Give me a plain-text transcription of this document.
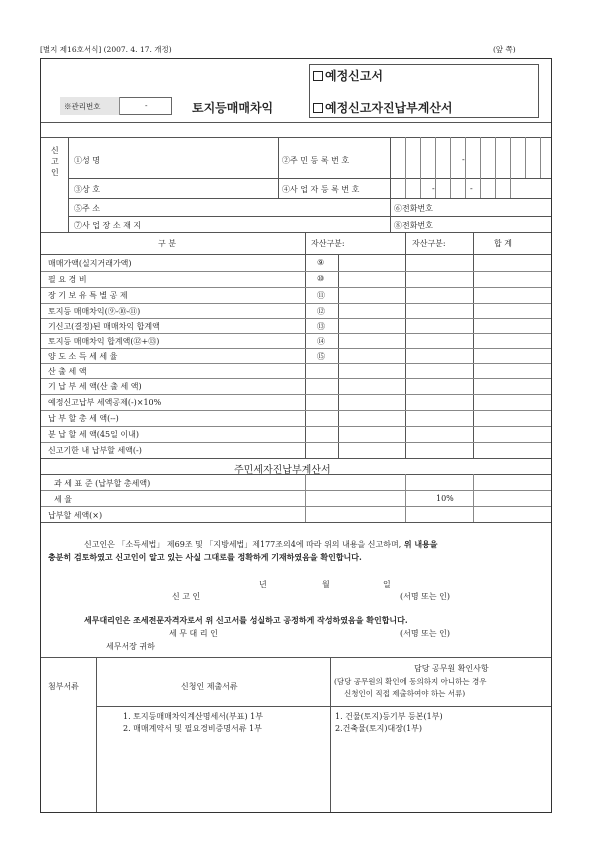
[별지 제16호서식] (2007. 4. 17. 개정)	(앞 쪽)
※관리번호	-	토지등매매차익
예정신고서
예정신고자진납부계산서
신
고
인
①성 명	②주 민 등 록 번 호	-
③상 호	④사 업 자 등 록 번 호	-	-
⑤주 소	⑥전화번호
⑦사 업 장 소 재 지	⑧전화번호
구 분	자산구분:	자산구분:	합 계
매매가액(실지거래가액)	⑨
필 요 경 비	⑩
장 기 보 유 특 별 공 제	⑪
토지등 매매차익(⑨-⑩-⑪)	⑫
기신고(결정)된 매매차익 합계액	⑬
토지등 매매차익 합계액(⑫+⑬)	⑭
양 도 소 득 세 세 율	⑮
산 출 세 액
기 납 부 세 액(산 출 세 액)
예정신고납부 세액공제(-)×10%
납 부 할 총 세 액(--)
분 납 할 세 액(45일 이내)
신고기한 내 납부할 세액(-)
주민세자진납부계산서
과 세 표 준 (납부할 총세액)
세 율	10%
납부할 세액(×)
신고인은 「소득세법」 제69조 및 「지방세법」제177조의4에 따라 위의 내용을 신고하며, 위 내용을
충분히 검토하였고 신고인이 알고 있는 사실 그대로를 정확하게 기재하였음을 확인합니다.
년	월	일
신 고 인	(서명 또는 인)
세무대리인은 조세전문자격자로서 위 신고서를 성실하고 공정하게 작성하였음을 확인합니다.
세 무 대 리 인	(서명 또는 인)
세무서장 귀하
첨부서류	신청인 제출서류
담당 공무원 확인사항
(담당 공무원의 확인에 동의하지 아니하는 경우
신청인이 직접 제출하여야 하는 서류)
1. 토지등매매차익계산명세서(부표) 1부
2. 매매계약서 및 필요경비증명서류 1부
1. 건물(토지)등기부 등본(1부)
2.건축물(토지)대장(1부)
